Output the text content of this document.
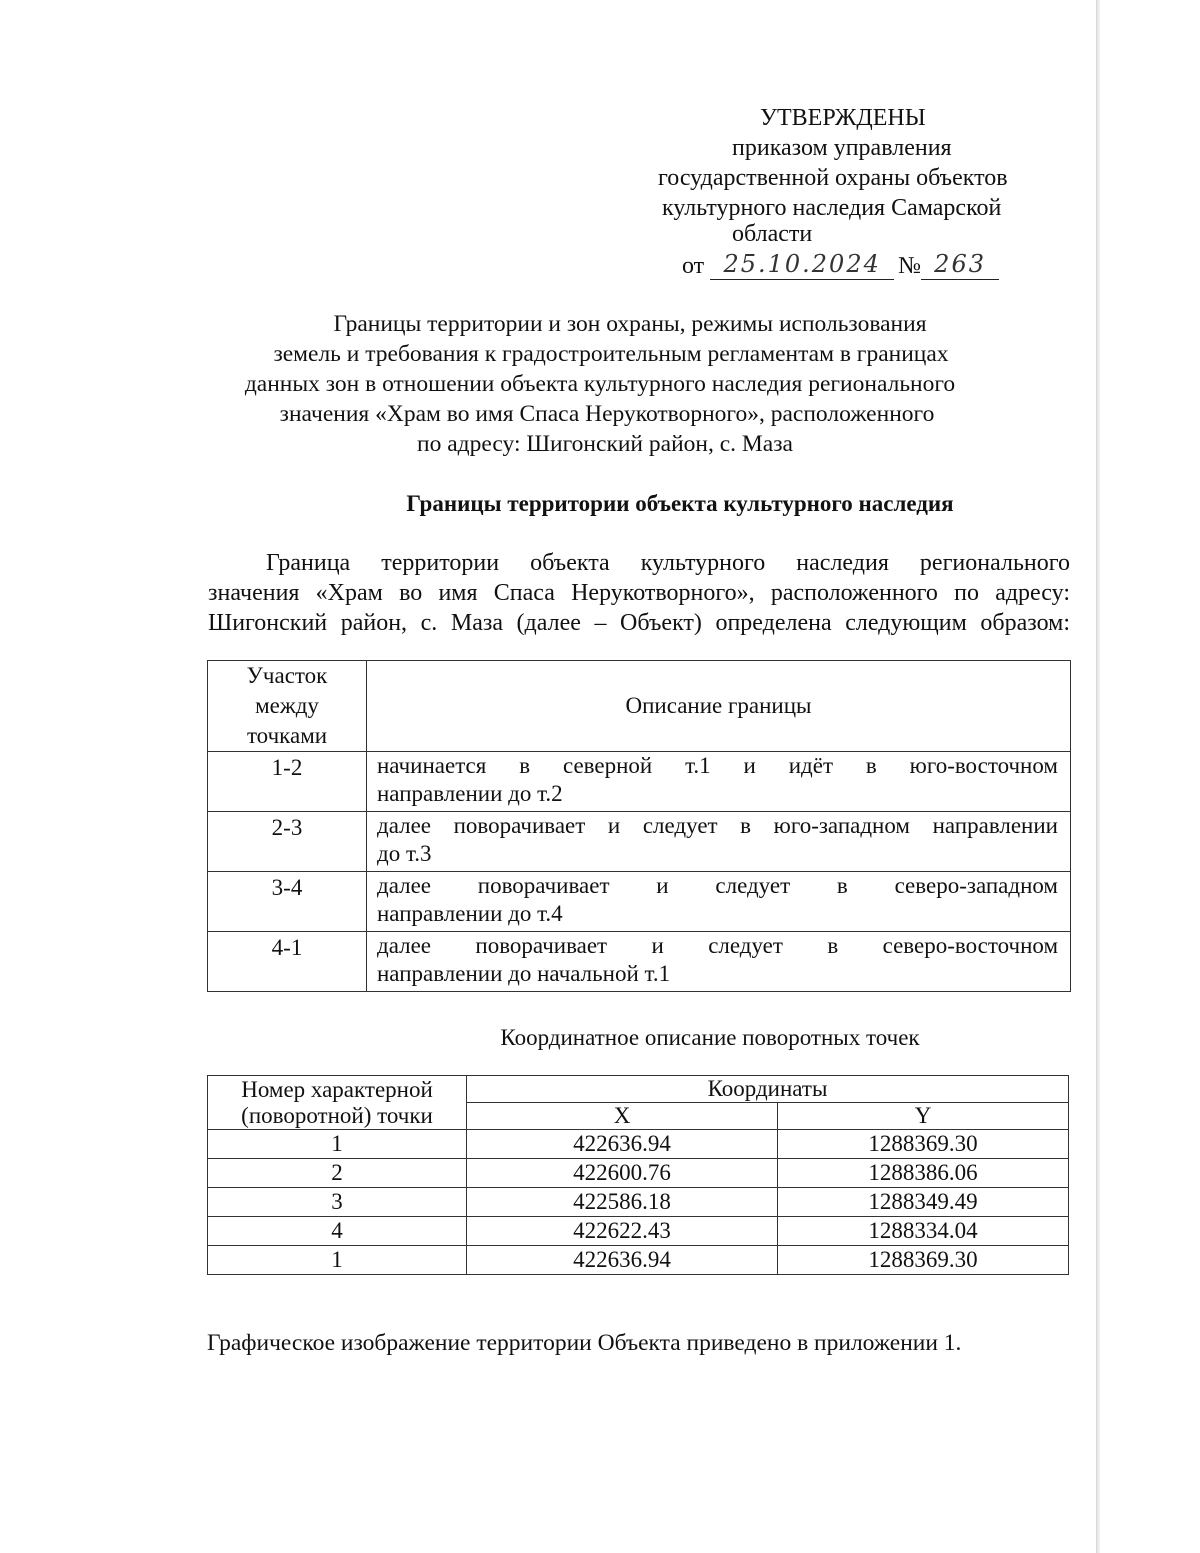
УТВЕРЖДЕНЫ
приказом управления
государственной охраны объектов
культурного наследия Самарской
области
от 25.10.2024 № 263
Границы территории и зон охраны, режимы использования
земель и требования к градостроительным регламентам в границах
данных зон в отношении объекта культурного наследия регионального
значения «Храм во имя Спаса Нерукотворного», расположенного
по адресу: Шигонский район, с. Маза
Границы территории объекта культурного наследия
Граница территории объекта культурного наследия регионального
значения «Храм во имя Спаса Нерукотворного», расположенного по адресу:
Шигонский район, с. Маза (далее – Объект) определена следующим образом:
Участок
между
точками	Описание границы
1-2	начинается в северной т.1 и идёт в юго-восточном
направлении до т.2
2-3	далее поворачивает и следует в юго-западном направлении
до т.3
3-4	далее поворачивает и следует в северо-западном
направлении до т.4
4-1	далее поворачивает и следует в северо-восточном
направлении до начальной т.1
Координатное описание поворотных точек
Номер характерной
(поворотной) точки	Координаты	
	X	Y
1	422636.94	1288369.30
2	422600.76	1288386.06
3	422586.18	1288349.49
4	422622.43	1288334.04
1	422636.94	1288369.30
Графическое изображение территории Объекта приведено в приложении 1.
